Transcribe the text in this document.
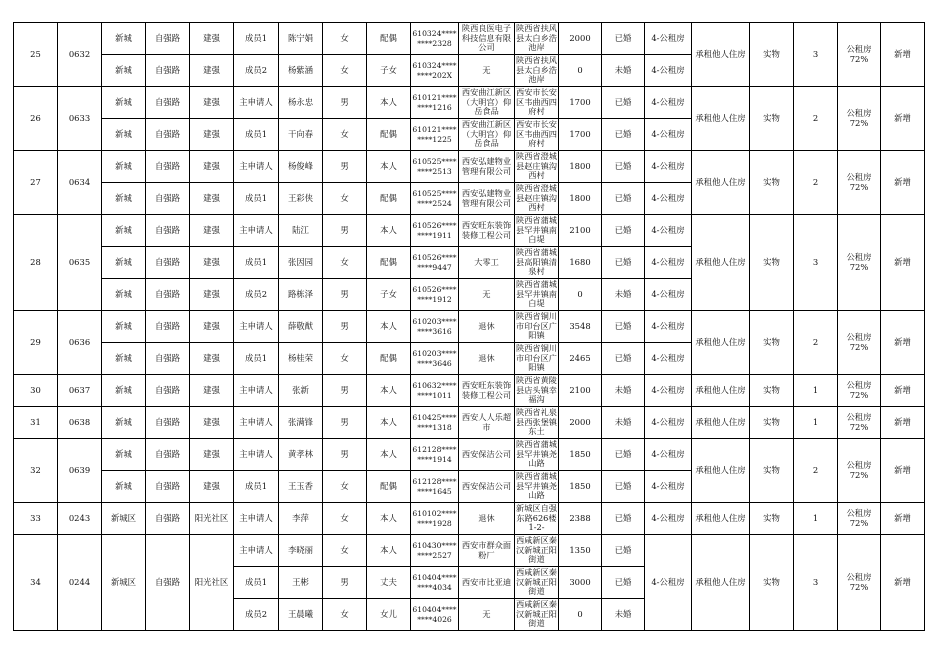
25	0632	新城	自强路	建强	成员1	陈宁娟	女	配偶	610324********2328	陕西良医电子科技信息有限公司	陕西省扶风县太白乡浩池岸	2000	已婚	4-公租房	承租他人住房	实物	3	公租房72%	新增
		新城	自强路	建强	成员2	杨紫涵	女	子女	610324********202X	无	陕西省扶风县太白乡浩池岸	0	未婚	4-公租房					
26	0633	新城	自强路	建强	主申请人	杨永忠	男	本人	610121********1216	西安曲江新区（大明宫）仰岳食品	西安市长安区韦曲西四府村	1700	已婚	4-公租房	承租他人住房	实物	2	公租房72%	新增
		新城	自强路	建强	成员1	干向春	女	配偶	610121********1225	西安曲江新区（大明宫）仰岳食品	西安市长安区韦曲西四府村	1700	已婚	4-公租房					
27	0634	新城	自强路	建强	主申请人	杨俊峰	男	本人	610525********2513	西安弘建物业管理有限公司	陕西省澄城县赵庄镇沟西村	1800	已婚	4-公租房	承租他人住房	实物	2	公租房72%	新增
		新城	自强路	建强	成员1	王彩侠	女	配偶	610525********2524	西安弘建物业管理有限公司	陕西省澄城县赵庄镇沟西村	1800	已婚	4-公租房					
28	0635	新城	自强路	建强	主申请人	陆江	男	本人	610526********1911	西安旺东装饰装修工程公司	陕西省蒲城县罕井镇南白堤	2100	已婚	4-公租房	承租他人住房	实物	3	公租房72%	新增
		新城	自强路	建强	成员1	张因园	女	配偶	610526********9447	大零工	陕西省蒲城县高阳镇清泉村	1680	已婚	4-公租房					
		新城	自强路	建强	成员2	路栋泽	男	子女	610526********1912	无	陕西省蒲城县罕井镇南白堤	0	未婚	4-公租房					
29	0636	新城	自强路	建强	主申请人	薛敬猷	男	本人	610203********3616	退休	陕西省铜川市印台区广阳镇	3548	已婚	4-公租房	承租他人住房	实物	2	公租房72%	新增
		新城	自强路	建强	成员1	杨桂荣	女	配偶	610203********3646	退休	陕西省铜川市印台区广阳镇	2465	已婚	4-公租房					
30	0637	新城	自强路	建强	主申请人	张新	男	本人	610632********1011	西安旺东装饰装修工程公司	陕西省黄陵县店头镇幸福沟	2100	未婚	4-公租房	承租他人住房	实物	1	公租房72%	新增
31	0638	新城	自强路	建强	主申请人	张满锋	男	本人	610425********1318	西安人人乐超市	陕西省礼泉县西张堡镇东土	2000	未婚	4-公租房	承租他人住房	实物	1	公租房72%	新增
32	0639	新城	自强路	建强	主申请人	黄孝林	男	本人	612128********1914	西安保洁公司	陕西省蒲城县罕井镇尧山路	1850	已婚	4-公租房	承租他人住房	实物	2	公租房72%	新增
		新城	自强路	建强	成员1	王玉香	女	配偶	612128********1645	西安保洁公司	陕西省蒲城县罕井镇尧山路	1850	已婚	4-公租房					
33	0243	新城区	自强路	阳光社区	主申请人	李萍	女	本人	610102********1928	退休	新城区自强东路626楼1-2-	2388	已婚	4-公租房	承租他人住房	实物	1	公租房72%	新增
34	0244	新城区	自强路	阳光社区	主申请人	李晓丽	女	本人	610430********2527	西安市群众面粉厂	西咸新区秦汉新城正阳街道	1350	已婚	4-公租房	承租他人住房	实物	3	公租房72%	新增
					成员1	王彬	男	丈夫	610404********4034	西安市比亚迪	西咸新区秦汉新城正阳街道	3000	已婚						
					成员2	王晨曦	女	女儿	610404********4026	无	西咸新区秦汉新城正阳街道	0	未婚						
